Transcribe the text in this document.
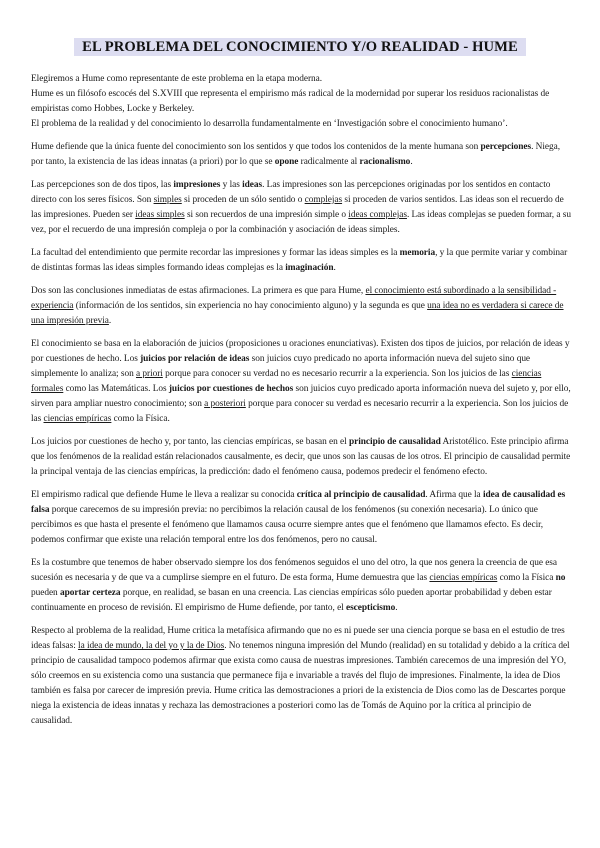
EL PROBLEMA DEL CONOCIMIENTO Y/O REALIDAD - HUME

Elegiremos a Hume como representante de este problema en la etapa moderna.
Hume es un filósofo escocés del S.XVIII que representa el empirismo más radical de la modernidad por superar los residuos racionalistas de empiristas como Hobbes, Locke y Berkeley.
El problema de la realidad y del conocimiento lo desarrolla fundamentalmente en ‘Investigación sobre el conocimiento humano’.

Hume defiende que la única fuente del conocimiento son los sentidos y que todos los contenidos de la mente humana son percepciones. Niega, por tanto, la existencia de las ideas innatas (a priori) por lo que se opone radicalmente al racionalismo.

Las percepciones son de dos tipos, las impresiones y las ideas. Las impresiones son las percepciones originadas por los sentidos en contacto directo con los seres físicos. Son simples si proceden de un sólo sentido o complejas si proceden de varios sentidos. Las ideas son el recuerdo de las impresiones. Pueden ser ideas simples si son recuerdos de una impresión simple o ideas complejas. Las ideas complejas se pueden formar, a su vez, por el recuerdo de una impresión compleja o por la combinación y asociación de ideas simples.

La facultad del entendimiento que permite recordar las impresiones y formar las ideas simples es la memoria, y la que permite variar y combinar de distintas formas las ideas simples formando ideas complejas es la imaginación.

Dos son las conclusiones inmediatas de estas afirmaciones. La primera es que para Hume, el conocimiento está subordinado a la sensibilidad - experiencia (información de los sentidos, sin experiencia no hay conocimiento alguno) y la segunda es que una idea no es verdadera si carece de una impresión previa.

El conocimiento se basa en la elaboración de juicios (proposiciones u oraciones enunciativas). Existen dos tipos de juicios, por relación de ideas y por cuestiones de hecho. Los juicios por relación de ideas son juicios cuyo predicado no aporta información nueva del sujeto sino que simplemente lo analiza; son a priori porque para conocer su verdad no es necesario recurrir a la experiencia. Son los juicios de las ciencias formales como las Matemáticas. Los juicios por cuestiones de hechos son juicios cuyo predicado aporta información nueva del sujeto y, por ello, sirven para ampliar nuestro conocimiento; son a posteriori porque para conocer su verdad es necesario recurrir a la experiencia. Son los juicios de las ciencias empíricas como la Física.

Los juicios por cuestiones de hecho y, por tanto, las ciencias empíricas, se basan en el principio de causalidad Aristotélico. Este principio afirma que los fenómenos de la realidad están relacionados causalmente, es decir, que unos son las causas de los otros. El principio de causalidad permite la principal ventaja de las ciencias empíricas, la predicción: dado el fenómeno causa, podemos predecir el fenómeno efecto.

El empirismo radical que defiende Hume le lleva a realizar su conocida crítica al principio de causalidad. Afirma que la idea de causalidad es falsa porque carecemos de su impresión previa: no percibimos la relación causal de los fenómenos (su conexión necesaria). Lo único que percibimos es que hasta el presente el fenómeno que llamamos causa ocurre siempre antes que el fenómeno que llamamos efecto. Es decir, podemos confirmar que existe una relación temporal entre los dos fenómenos, pero no causal.

Es la costumbre que tenemos de haber observado siempre los dos fenómenos seguidos el uno del otro, la que nos genera la creencia de que esa sucesión es necesaria y de que va a cumplirse siempre en el futuro. De esta forma, Hume demuestra que las ciencias empíricas como la Física no pueden aportar certeza porque, en realidad, se basan en una creencia. Las ciencias empíricas sólo pueden aportar probabilidad y deben estar continuamente en proceso de revisión. El empirismo de Hume defiende, por tanto, el escepticismo.

Respecto al problema de la realidad, Hume critica la metafísica afirmando que no es ni puede ser una ciencia porque se basa en el estudio de tres ideas falsas: la idea de mundo, la del yo y la de Dios. No tenemos ninguna impresión del Mundo (realidad) en su totalidad y debido a la crítica del principio de causalidad tampoco podemos afirmar que exista como causa de nuestras impresiones. También carecemos de una impresión del YO, sólo creemos en su existencia como una sustancia que permanece fija e invariable a través del flujo de impresiones. Finalmente, la idea de Dios también es falsa por carecer de impresión previa. Hume critica las demostraciones a priori de la existencia de Dios como las de Descartes porque niega la existencia de ideas innatas y rechaza las demostraciones a posteriori como las de Tomás de Aquino por la crítica al principio de causalidad.
